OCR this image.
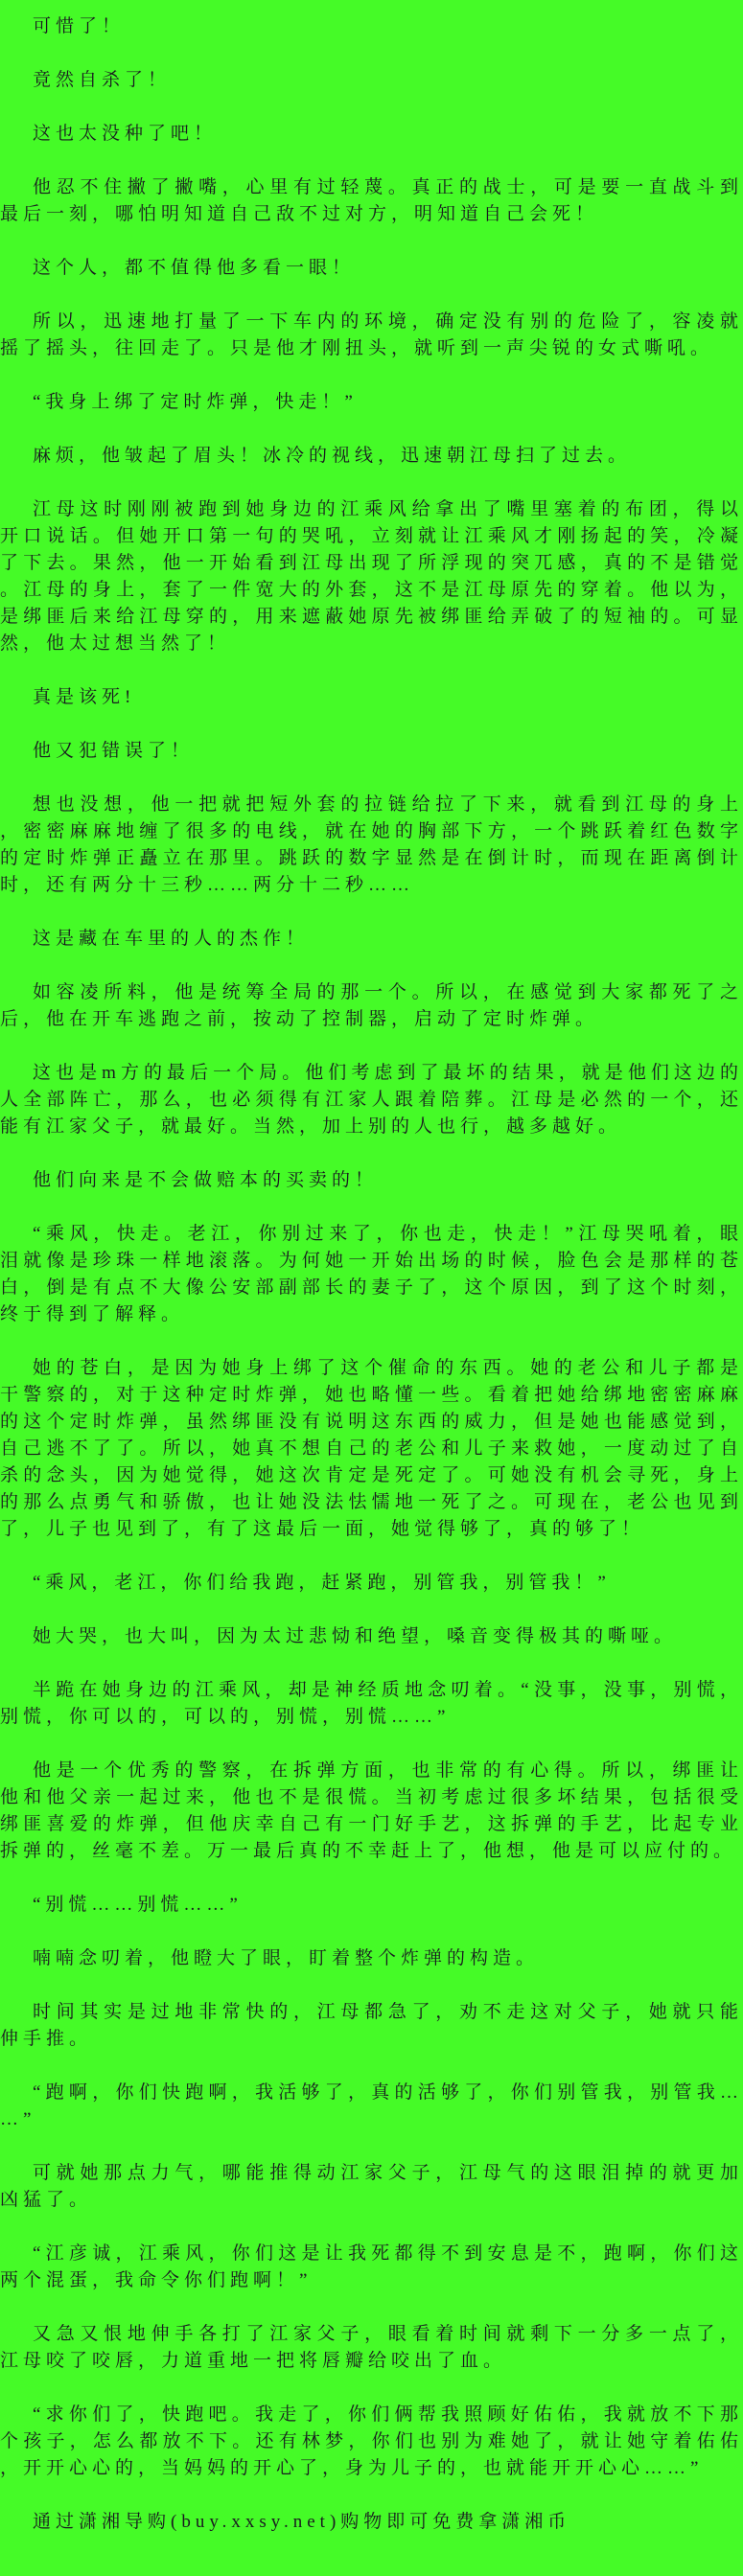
可惜了！

竟然自杀了！

这也太没种了吧！

他忍不住撇了撇嘴，心里有过轻蔑。真正的战士，可是要一直战斗到最后一刻，哪怕明知道自己敌不过对方，明知道自己会死！

这个人，都不值得他多看一眼！

所以，迅速地打量了一下车内的环境，确定没有别的危险了，容凌就摇了摇头，往回走了。只是他才刚扭头，就听到一声尖锐的女式嘶吼。

“我身上绑了定时炸弹，快走！”

麻烦，他皱起了眉头！冰冷的视线，迅速朝江母扫了过去。

江母这时刚刚被跑到她身边的江乘风给拿出了嘴里塞着的布团，得以开口说话。但她开口第一句的哭吼，立刻就让江乘风才刚扬起的笑，冷凝了下去。果然，他一开始看到江母出现了所浮现的突兀感，真的不是错觉。江母的身上，套了一件宽大的外套，这不是江母原先的穿着。他以为，是绑匪后来给江母穿的，用来遮蔽她原先被绑匪给弄破了的短袖的。可显然，他太过想当然了！

真是该死!

他又犯错误了！

想也没想，他一把就把短外套的拉链给拉了下来，就看到江母的身上，密密麻麻地缠了很多的电线，就在她的胸部下方，一个跳跃着红色数字的定时炸弹正矗立在那里。跳跃的数字显然是在倒计时，而现在距离倒计时，还有两分十三秒……两分十二秒……

这是藏在车里的人的杰作！

如容凌所料，他是统筹全局的那一个。所以，在感觉到大家都死了之后，他在开车逃跑之前，按动了控制器，启动了定时炸弹。

这也是m方的最后一个局。他们考虑到了最坏的结果，就是他们这边的人全部阵亡，那么，也必须得有江家人跟着陪葬。江母是必然的一个，还能有江家父子，就最好。当然，加上别的人也行，越多越好。

他们向来是不会做赔本的买卖的！

“乘风，快走。老江，你别过来了，你也走，快走！”江母哭吼着，眼泪就像是珍珠一样地滚落。为何她一开始出场的时候，脸色会是那样的苍白，倒是有点不大像公安部副部长的妻子了，这个原因，到了这个时刻，终于得到了解释。

她的苍白，是因为她身上绑了这个催命的东西。她的老公和儿子都是干警察的，对于这种定时炸弹，她也略懂一些。看着把她给绑地密密麻麻的这个定时炸弹，虽然绑匪没有说明这东西的威力，但是她也能感觉到，自己逃不了了。所以，她真不想自己的老公和儿子来救她，一度动过了自杀的念头，因为她觉得，她这次肯定是死定了。可她没有机会寻死，身上的那么点勇气和骄傲，也让她没法怯懦地一死了之。可现在，老公也见到了，儿子也见到了，有了这最后一面，她觉得够了，真的够了！

“乘风，老江，你们给我跑，赶紧跑，别管我，别管我！”

她大哭，也大叫，因为太过悲恸和绝望，嗓音变得极其的嘶哑。

半跪在她身边的江乘风，却是神经质地念叨着。“没事，没事，别慌，别慌，你可以的，可以的，别慌，别慌……”

他是一个优秀的警察，在拆弹方面，也非常的有心得。所以，绑匪让他和他父亲一起过来，他也不是很慌。当初考虑过很多坏结果，包括很受绑匪喜爱的炸弹，但他庆幸自己有一门好手艺，这拆弹的手艺，比起专业拆弹的，丝毫不差。万一最后真的不幸赶上了，他想，他是可以应付的。

“别慌……别慌……”

喃喃念叨着，他瞪大了眼，盯着整个炸弹的构造。

时间其实是过地非常快的，江母都急了，劝不走这对父子，她就只能伸手推。

“跑啊，你们快跑啊，我活够了，真的活够了，你们别管我，别管我……”

可就她那点力气，哪能推得动江家父子，江母气的这眼泪掉的就更加凶猛了。

“江彦诚，江乘风，你们这是让我死都得不到安息是不，跑啊，你们这两个混蛋，我命令你们跑啊！”

又急又恨地伸手各打了江家父子，眼看着时间就剩下一分多一点了，江母咬了咬唇，力道重地一把将唇瓣给咬出了血。

“求你们了，快跑吧。我走了，你们俩帮我照顾好佑佑，我就放不下那个孩子，怎么都放不下。还有林梦，你们也别为难她了，就让她守着佑佑，开开心心的，当妈妈的开心了，身为儿子的，也就能开开心心……”

通过潇湘导购(buy.xxsy.net)购物即可免费拿潇湘币
